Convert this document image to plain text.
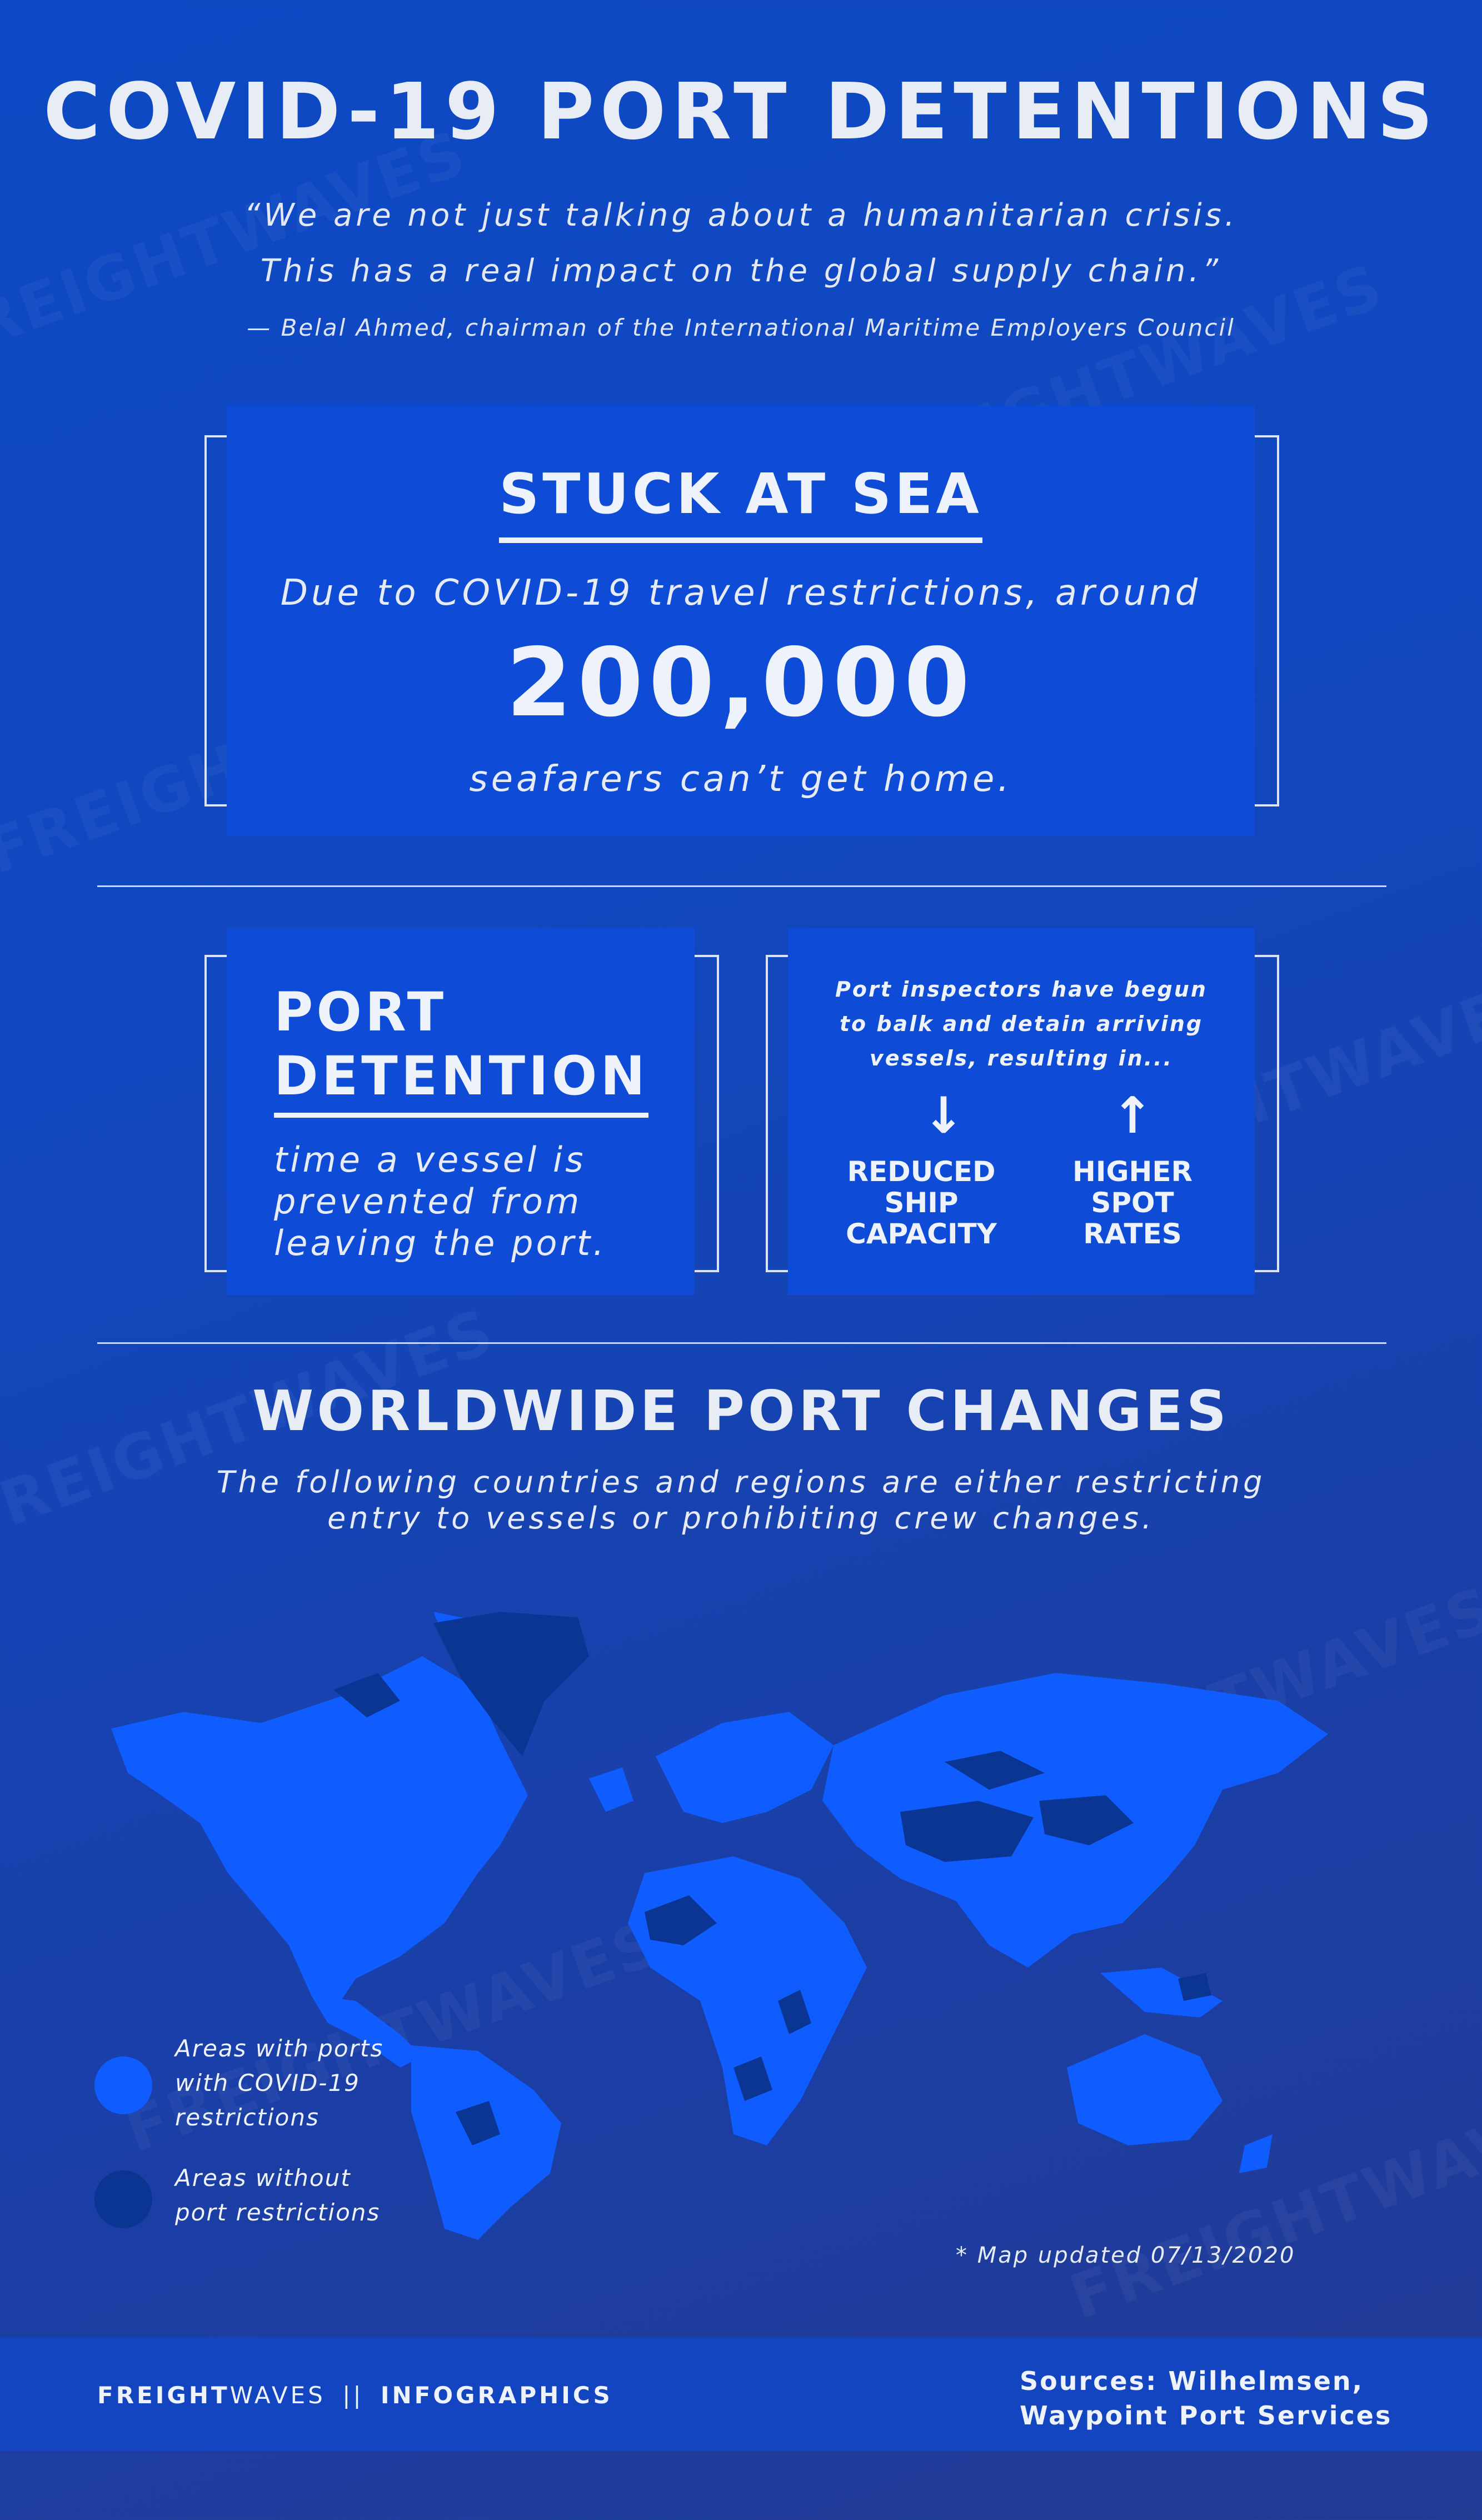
COVID-19 PORT DETENTIONS
“We are not just talking about a humanitarian crisis.
This has a real impact on the global supply chain.”
— Belal Ahmed, chairman of the International Maritime Employers Council
STUCK AT SEA
Due to COVID-19 travel restrictions, around
200,000
seafarers can’t get home.
PORT
DETENTION
time a vessel is
prevented from
leaving the port.
Port inspectors have begun
to balk and detain arriving
vessels, resulting in...
↓	↑
REDUCED
SHIP
CAPACITY
HIGHER
SPOT
RATES
WORLDWIDE PORT CHANGES
The following countries and regions are either restricting
entry to vessels or prohibiting crew changes.
Areas with ports
with COVID-19
restrictions
Areas without
port restrictions
* Map updated 07/13/2020
FREIGHTWAVES || INFOGRAPHICS	Sources: Wilhelmsen,
Waypoint Port Services
